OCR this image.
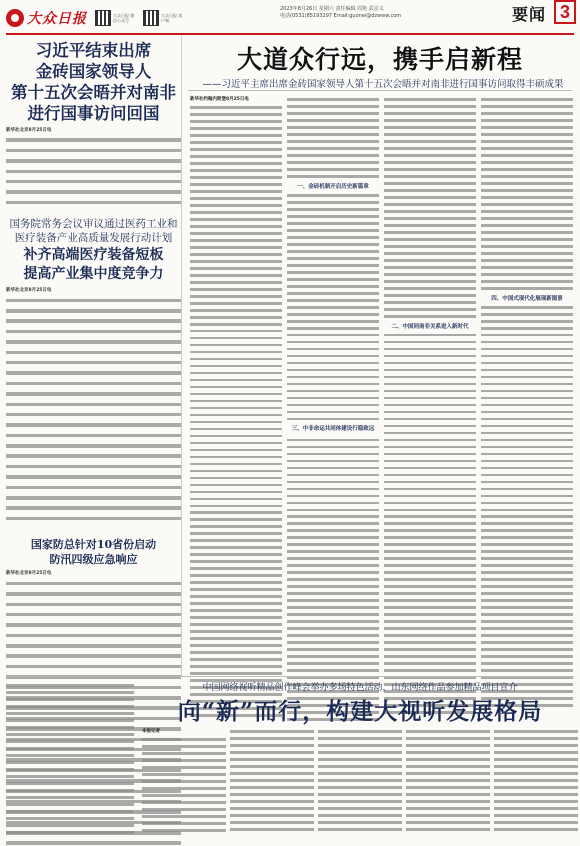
大众日报	大众日报 微信公众号
大众日报 客户端
2023年8月26日 星期六 责任编辑 周艳 武京义
电话(0531)85193297 Email:guonei@dzwww.com	要闻 3
习近平结束出席
金砖国家领导人
第十五次会晤并对南非
进行国事访问回国
新华社北京8月25日电
国务院常务会议审议通过医药工业和
医疗装备产业高质量发展行动计划
补齐高端医疗装备短板
提高产业集中度竞争力
新华社北京8月25日电
国家防总针对10省份启动
防汛四级应急响应
新华社北京8月25日电
大道众行远，携手启新程
——习近平主席出席金砖国家领导人第十五次会晤并对南非进行国事访问取得丰硕成果
新华社约翰内斯堡8月25日电
一、金砖机制开启历史新篇章
二、中国同南非关系进入新时代
四、中国式现代化展现新图景
三、中非命运共同体建设行稳致远
中国网络视听精品创作峰会举办多场特色活动，山东网络作品参加精品项目宣介
向“新”而行，构建大视听发展格局
本报记者
